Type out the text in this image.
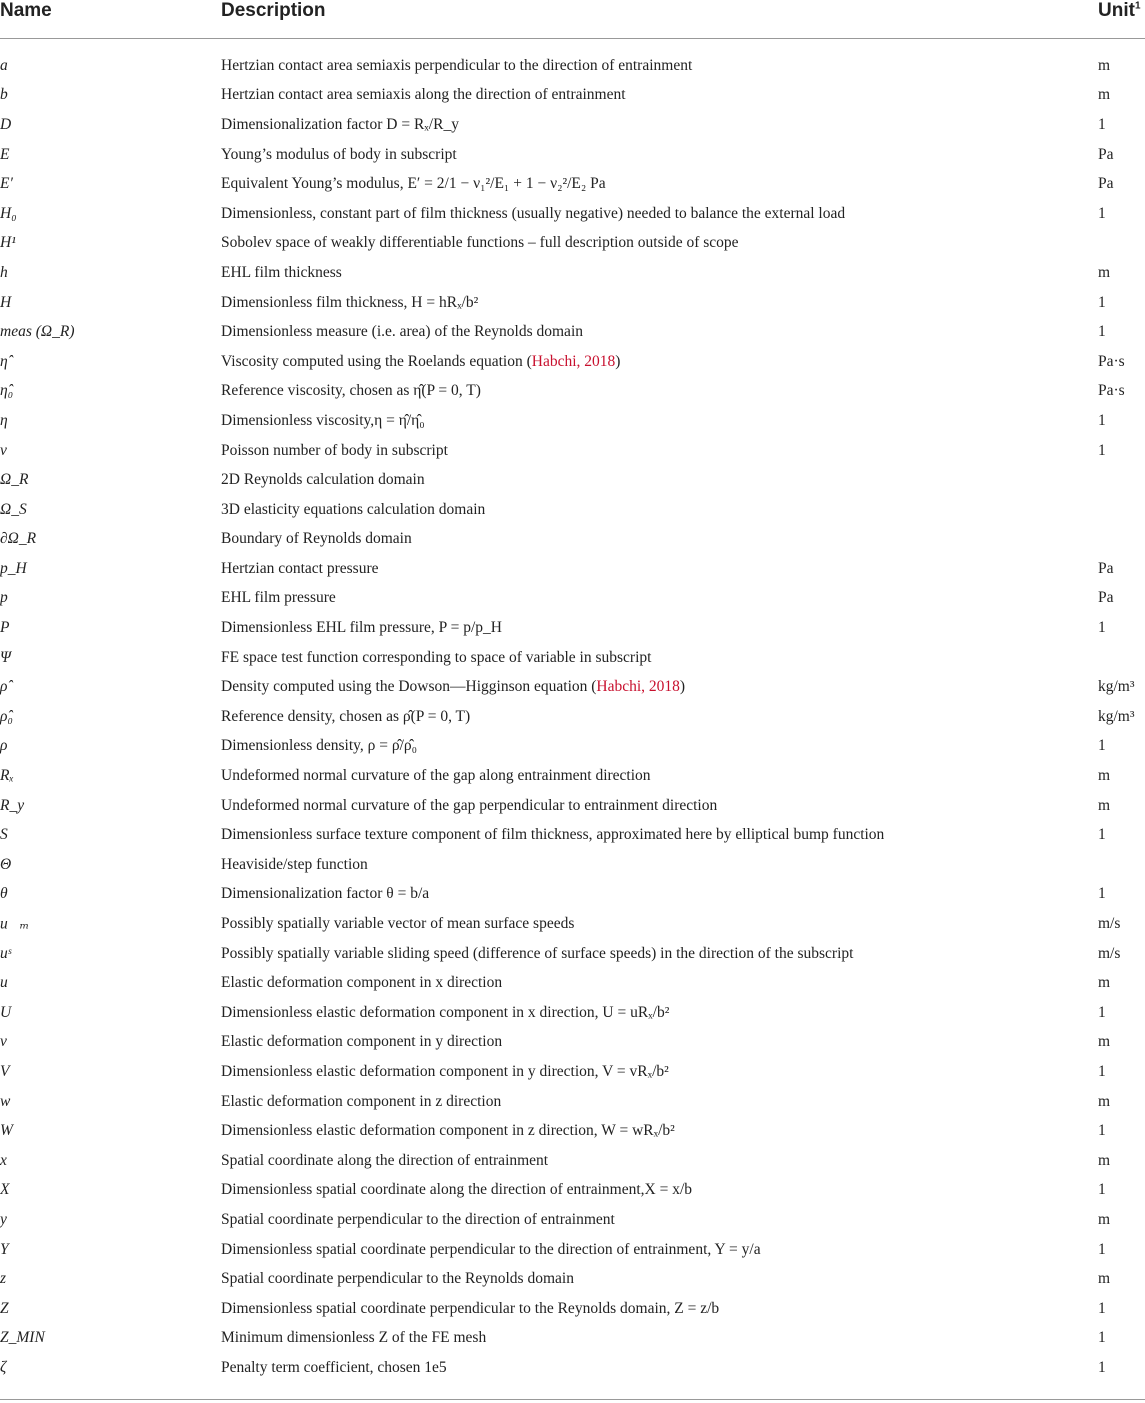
Name	Description	Unit$^1$
a	Hertzian contact area semiaxis perpendicular to the direction of entrainment	m
b	Hertzian contact area semiaxis along the direction of entrainment	m
D	Dimensionalization factor D = Rₓ/R_y	1
E	Young’s modulus of body in subscript	Pa
E′	Equivalent Young’s modulus, E′ = 2/1 − ν₁²/E₁ + 1 − ν₂²/E₂ Pa	Pa
H₀	Dimensionless, constant part of film thickness (usually negative) needed to balance the external load	1
H¹	Sobolev space of weakly differentiable functions – full description outside of scope
h	EHL film thickness	m
H	Dimensionless film thickness, H = hRₓ/b²	1
meas (Ω_R)	Dimensionless measure (i.e. area) of the Reynolds domain	1
η̂	Viscosity computed using the Roelands equation (Habchi, 2018)	Pa·s
η̂₀	Reference viscosity, chosen as η̂(P = 0, T)	Pa·s
η	Dimensionless viscosity,η = η̂/η̂₀	1
ν	Poisson number of body in subscript	1
Ω_R	2D Reynolds calculation domain
Ω_S	3D elasticity equations calculation domain
∂Ω_R	Boundary of Reynolds domain
p_H	Hertzian contact pressure	Pa
p	EHL film pressure	Pa
P	Dimensionless EHL film pressure, P = p/p_H	1
Ψ	FE space test function corresponding to space of variable in subscript
ρ̂	Density computed using the Dowson—Higginson equation (Habchi, 2018)	kg/m³
ρ̂₀	Reference density, chosen as ρ̂(P = 0, T)	kg/m³
ρ	Dimensionless density, ρ = ρ̂/ρ̂₀	1
Rₓ	Undeformed normal curvature of the gap along entrainment direction	m
R_y	Undeformed normal curvature of the gap perpendicular to entrainment direction	m
S	Dimensionless surface texture component of film thickness, approximated here by elliptical bump function	1
Θ	Heaviside/step function
θ	Dimensionalization factor θ = b/a	1
u⃗ₘ	Possibly spatially variable vector of mean surface speeds	m/s
uˢ	Possibly spatially variable sliding speed (difference of surface speeds) in the direction of the subscript	m/s
u	Elastic deformation component in x direction	m
U	Dimensionless elastic deformation component in x direction, U = uRₓ/b²	1
v	Elastic deformation component in y direction	m
V	Dimensionless elastic deformation component in y direction, V = vRₓ/b²	1
w	Elastic deformation component in z direction	m
W	Dimensionless elastic deformation component in z direction, W = wRₓ/b²	1
x	Spatial coordinate along the direction of entrainment	m
X	Dimensionless spatial coordinate along the direction of entrainment,X = x/b	1
y	Spatial coordinate perpendicular to the direction of entrainment	m
Y	Dimensionless spatial coordinate perpendicular to the direction of entrainment, Y = y/a	1
z	Spatial coordinate perpendicular to the Reynolds domain	m
Z	Dimensionless spatial coordinate perpendicular to the Reynolds domain, Z = z/b	1
Z_MIN	Minimum dimensionless Z of the FE mesh	1
ζ	Penalty term coefficient, chosen 1e5	1
